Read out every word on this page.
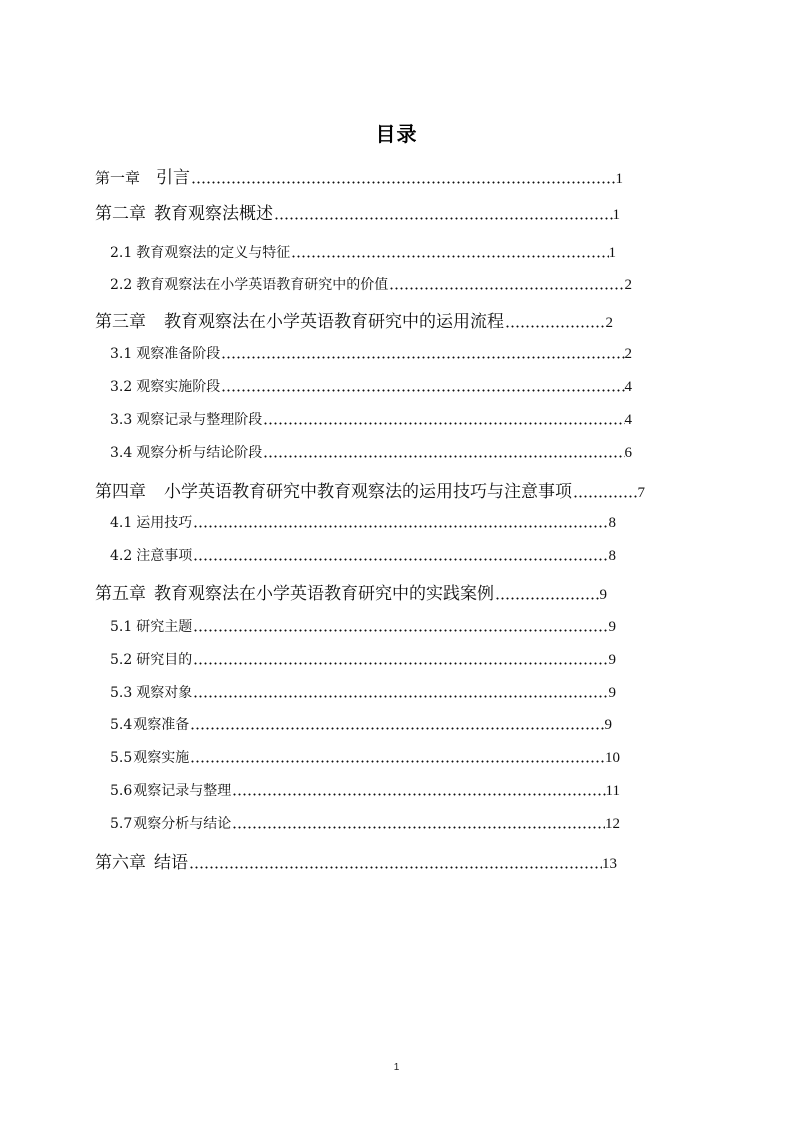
目录
第一章 引言	1
第二章 教育观察法概述	1
2.1 教育观察法的定义与特征	1
2.2 教育观察法在小学英语教育研究中的价值	2
第三章 教育观察法在小学英语教育研究中的运用流程	2
3.1 观察准备阶段	2
3.2 观察实施阶段	4
3.3 观察记录与整理阶段	4
3.4 观察分析与结论阶段	6
第四章 小学英语教育研究中教育观察法的运用技巧与注意事项	7
4.1 运用技巧	8
4.2 注意事项	8
第五章 教育观察法在小学英语教育研究中的实践案例	9
5.1 研究主题	9
5.2 研究目的	9
5.3 观察对象	9
5.4观察准备	9
5.5观察实施	10
5.6观察记录与整理	11
5.7观察分析与结论	12
第六章 结语	13
1
